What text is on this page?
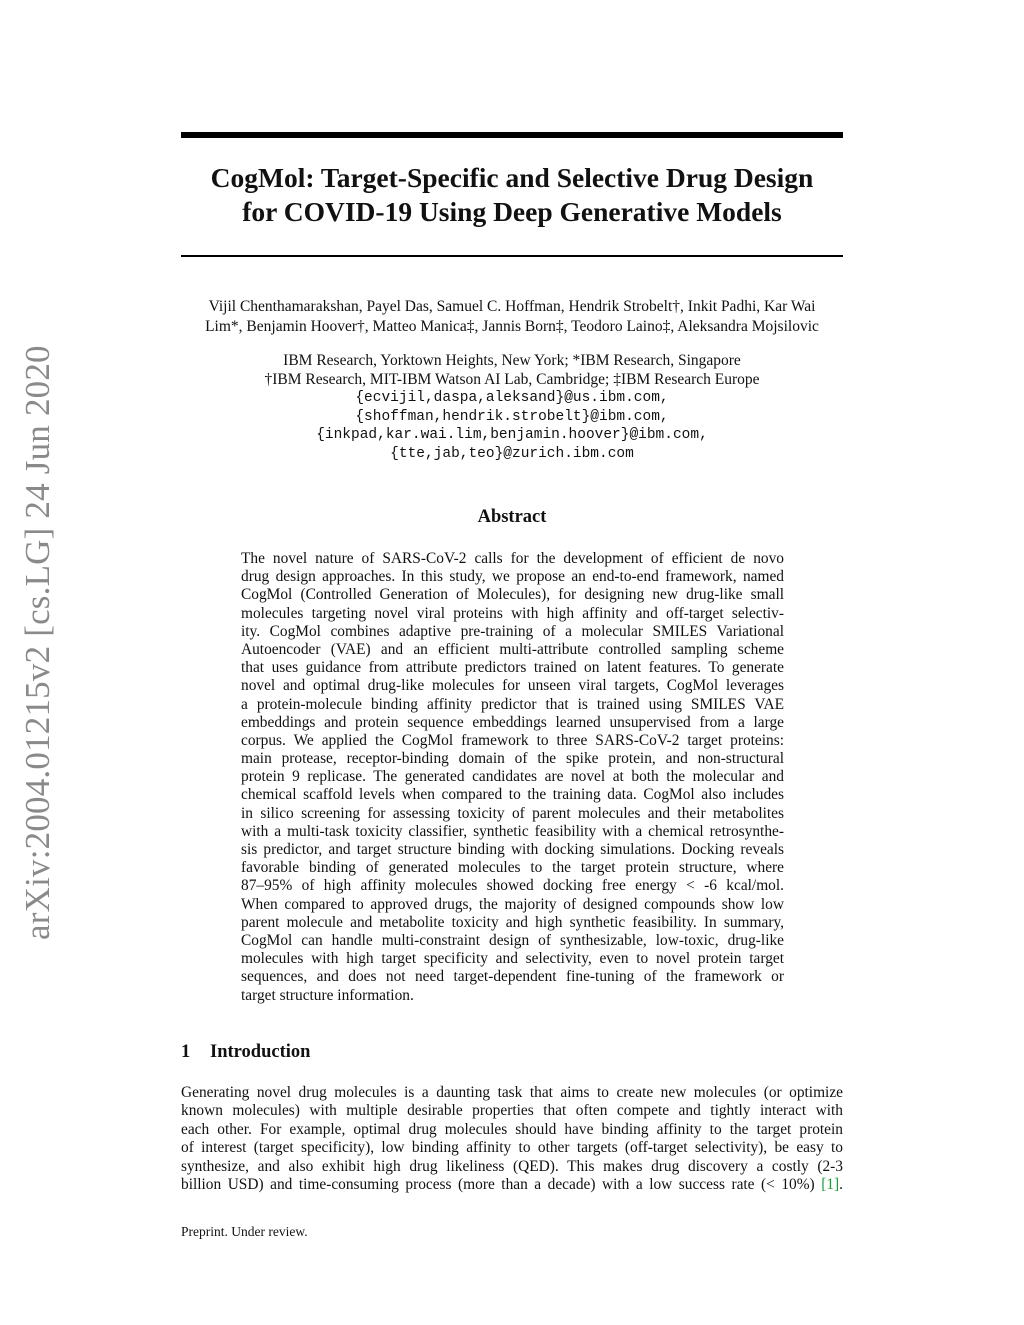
arXiv:2004.01215v2 [cs.LG] 24 Jun 2020
CogMol: Target-Specific and Selective Drug Design
for COVID-19 Using Deep Generative Models
Vijil Chenthamarakshan, Payel Das, Samuel C. Hoffman, Hendrik Strobelt†, Inkit Padhi, Kar Wai
Lim*, Benjamin Hoover†, Matteo Manica‡, Jannis Born‡, Teodoro Laino‡, Aleksandra Mojsilovic
IBM Research, Yorktown Heights, New York; *IBM Research, Singapore
†IBM Research, MIT-IBM Watson AI Lab, Cambridge; ‡IBM Research Europe
{ecvijil,daspa,aleksand}@us.ibm.com,
{shoffman,hendrik.strobelt}@ibm.com,
{inkpad,kar.wai.lim,benjamin.hoover}@ibm.com,
{tte,jab,teo}@zurich.ibm.com
Abstract
The novel nature of SARS-CoV-2 calls for the development of efficient de novo
drug design approaches. In this study, we propose an end-to-end framework, named
CogMol (Controlled Generation of Molecules), for designing new drug-like small
molecules targeting novel viral proteins with high affinity and off-target selectiv-
ity. CogMol combines adaptive pre-training of a molecular SMILES Variational
Autoencoder (VAE) and an efficient multi-attribute controlled sampling scheme
that uses guidance from attribute predictors trained on latent features. To generate
novel and optimal drug-like molecules for unseen viral targets, CogMol leverages
a protein-molecule binding affinity predictor that is trained using SMILES VAE
embeddings and protein sequence embeddings learned unsupervised from a large
corpus. We applied the CogMol framework to three SARS-CoV-2 target proteins:
main protease, receptor-binding domain of the spike protein, and non-structural
protein 9 replicase. The generated candidates are novel at both the molecular and
chemical scaffold levels when compared to the training data. CogMol also includes
in silico screening for assessing toxicity of parent molecules and their metabolites
with a multi-task toxicity classifier, synthetic feasibility with a chemical retrosynthe-
sis predictor, and target structure binding with docking simulations. Docking reveals
favorable binding of generated molecules to the target protein structure, where
87–95% of high affinity molecules showed docking free energy < -6 kcal/mol.
When compared to approved drugs, the majority of designed compounds show low
parent molecule and metabolite toxicity and high synthetic feasibility. In summary,
CogMol can handle multi-constraint design of synthesizable, low-toxic, drug-like
molecules with high target specificity and selectivity, even to novel protein target
sequences, and does not need target-dependent fine-tuning of the framework or
target structure information.
1 Introduction
Generating novel drug molecules is a daunting task that aims to create new molecules (or optimize
known molecules) with multiple desirable properties that often compete and tightly interact with
each other. For example, optimal drug molecules should have binding affinity to the target protein
of interest (target specificity), low binding affinity to other targets (off-target selectivity), be easy to
synthesize, and also exhibit high drug likeliness (QED). This makes drug discovery a costly (2-3
billion USD) and time-consuming process (more than a decade) with a low success rate (< 10%) [1].
Preprint. Under review.
